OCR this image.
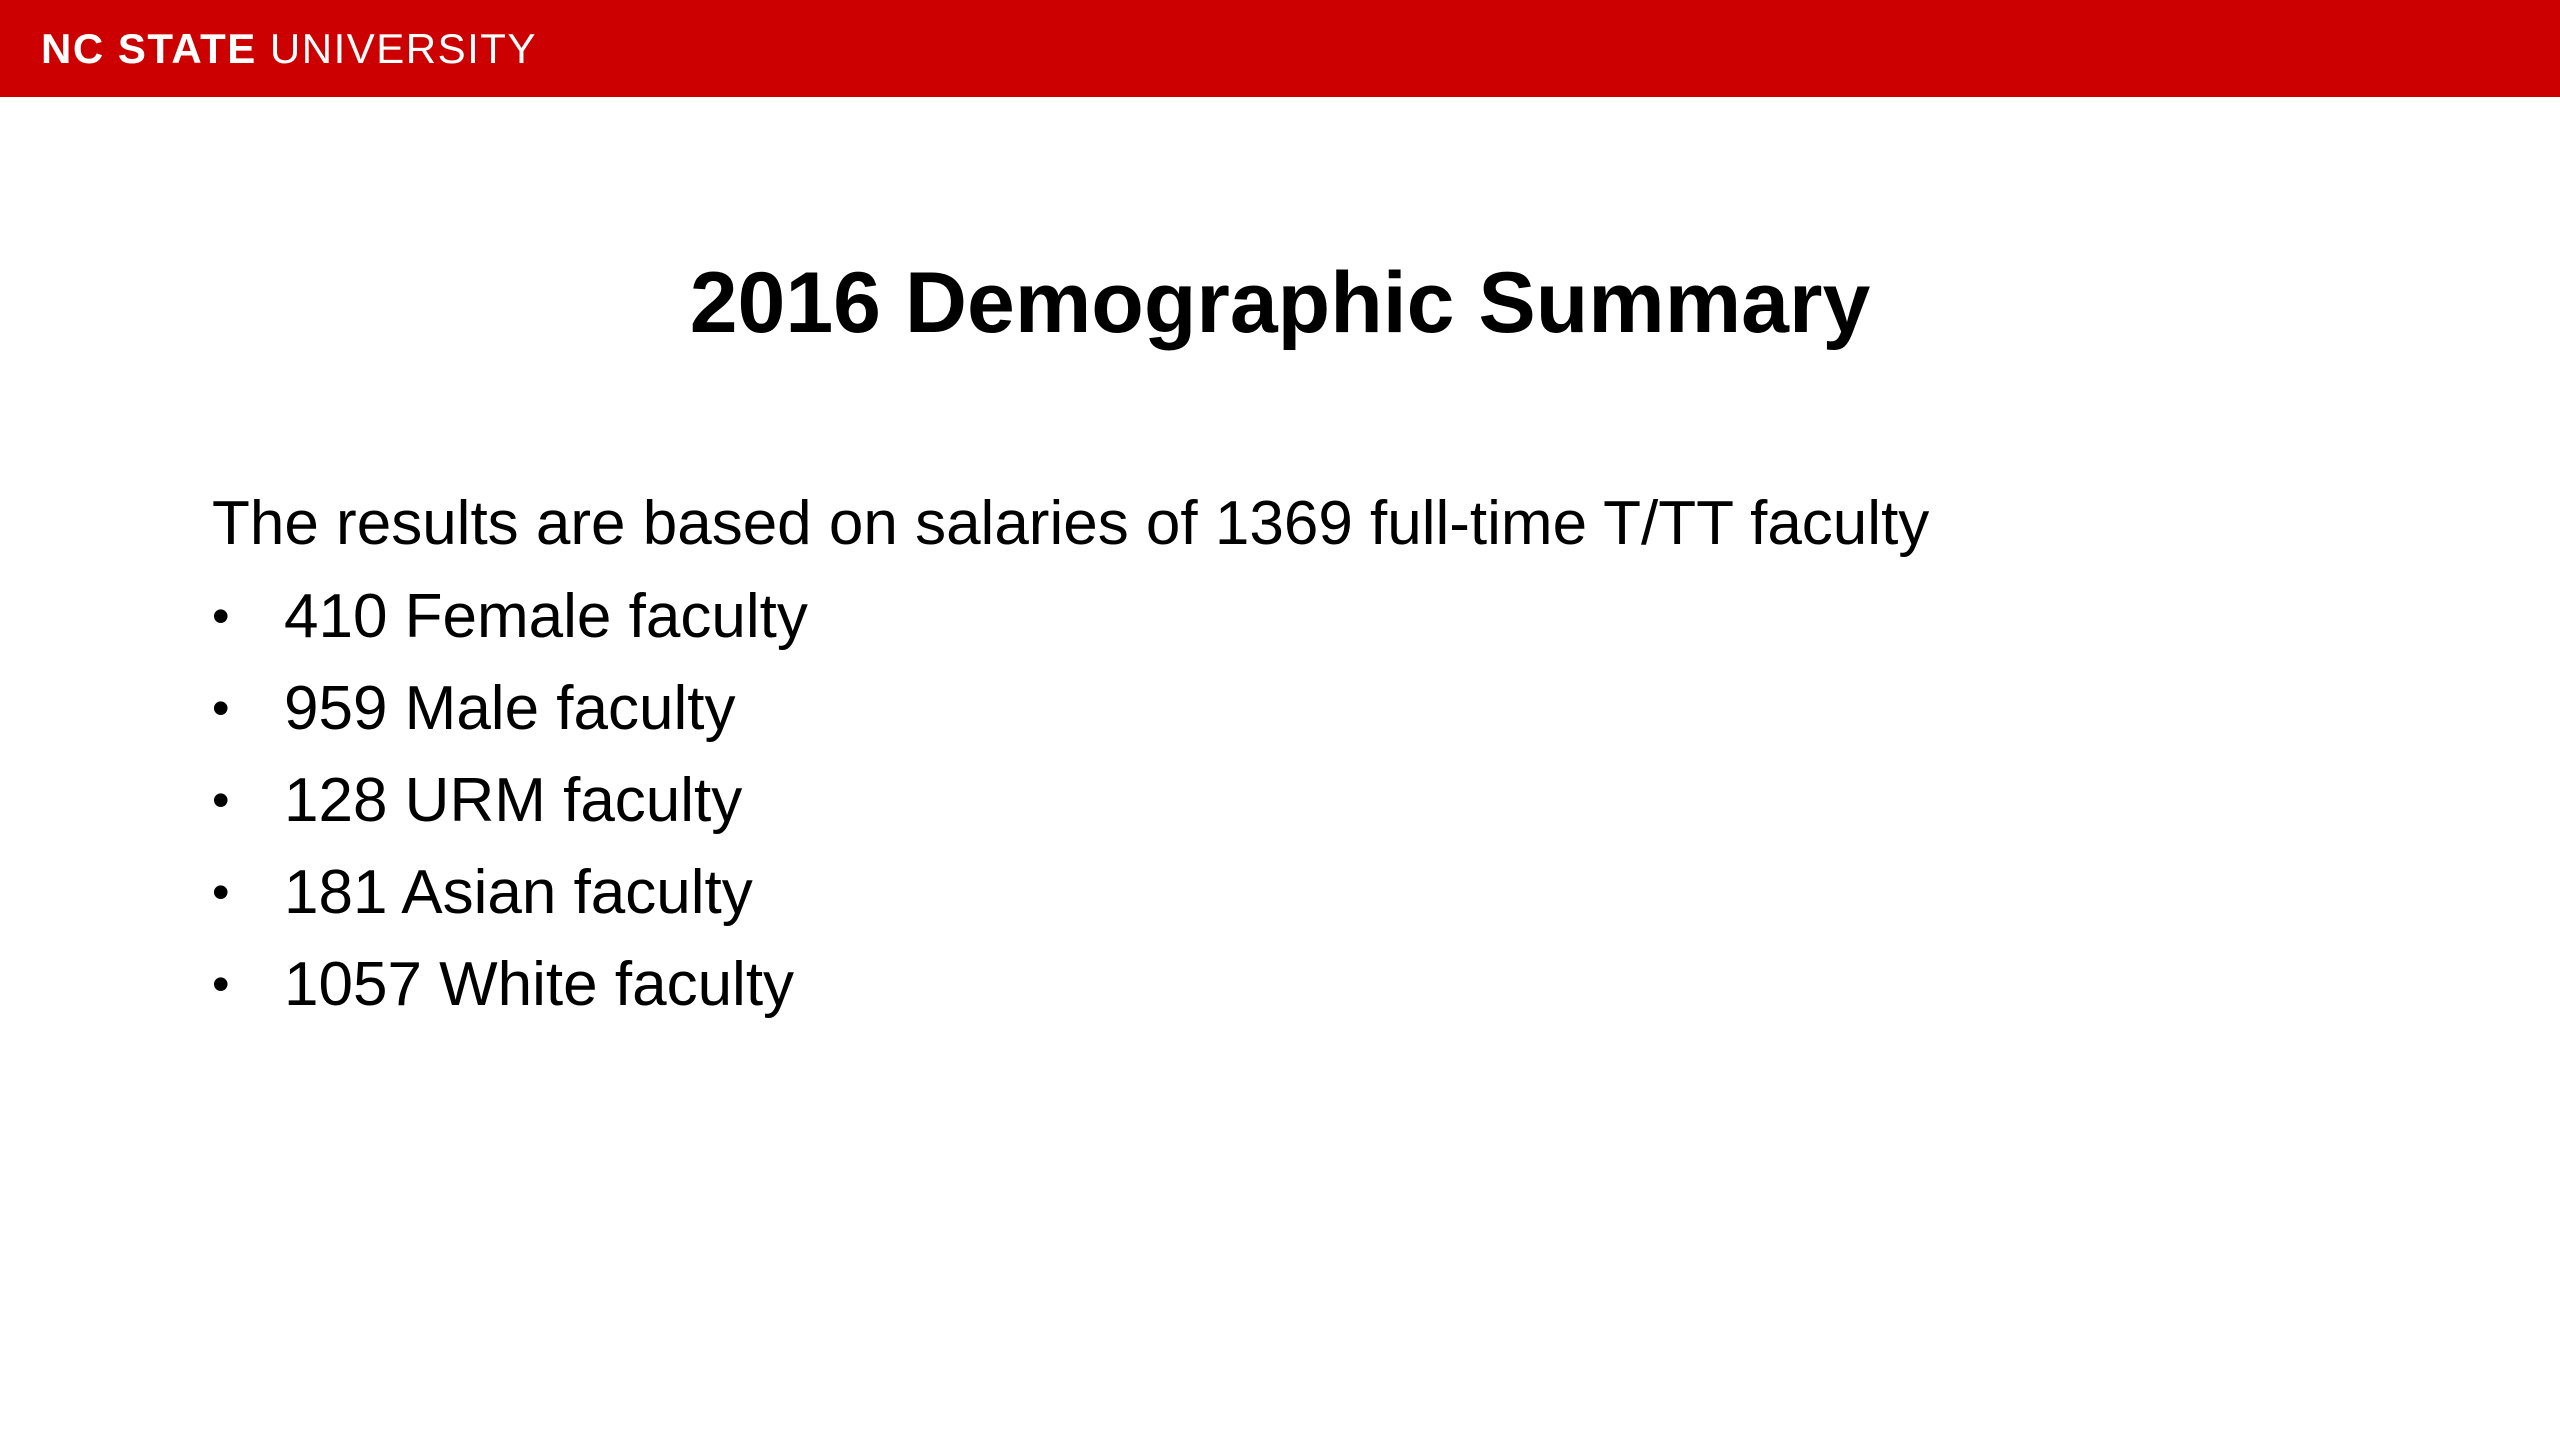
NC STATE UNIVERSITY
2016 Demographic Summary
The results are based on salaries of 1369 full-time T/TT faculty
• 410 Female faculty
• 959 Male faculty
• 128 URM faculty
• 181 Asian faculty
• 1057 White faculty
